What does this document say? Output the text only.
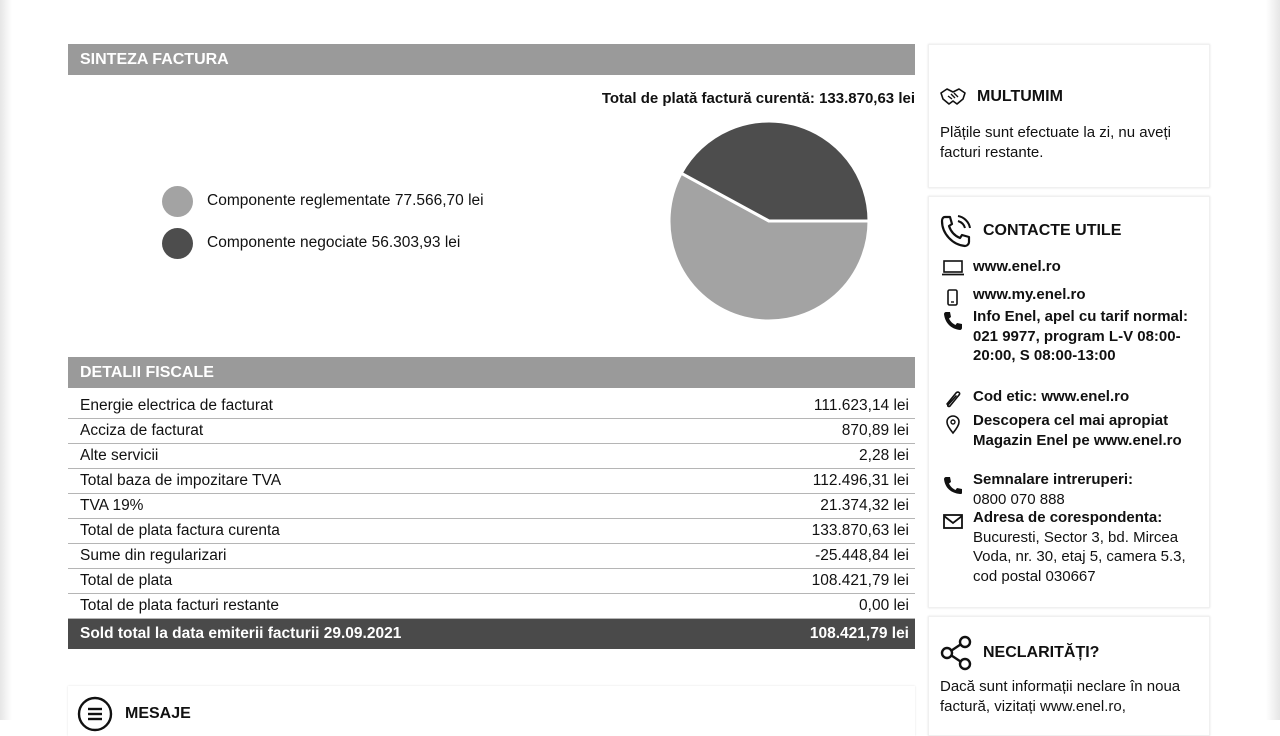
SINTEZA FACTURA
Total de plată factură curentă: 133.870,63 lei
Componente reglementate 77.566,70 lei
Componente negociate 56.303,93 lei
DETALII FISCALE
Energie electrica de facturat	111.623,14 lei
Acciza de facturat	870,89 lei
Alte servicii	2,28 lei
Total baza de impozitare TVA	112.496,31 lei
TVA 19%	21.374,32 lei
Total de plata factura curenta	133.870,63 lei
Sume din regularizari	-25.448,84 lei
Total de plata	108.421,79 lei
Total de plata facturi restante	0,00 lei
Sold total la data emiterii facturii 29.09.2021	108.421,79 lei
MESAJE
MULTUMIM
Plățile sunt efectuate la zi, nu aveți facturi restante.
CONTACTE UTILE
www.enel.ro
www.my.enel.ro
Info Enel, apel cu tarif normal: 021 9977, program L-V 08:00-20:00, S 08:00-13:00
Cod etic: www.enel.ro
Descopera cel mai apropiat Magazin Enel pe www.enel.ro
Semnalare intreruperi:
0800 070 888
Adresa de corespondenta:
Bucuresti, Sector 3, bd. Mircea Voda, nr. 30, etaj 5, camera 5.3, cod postal 030667
NECLARITĂȚI?
Dacă sunt informații neclare în noua factură, vizitați www.enel.ro,
